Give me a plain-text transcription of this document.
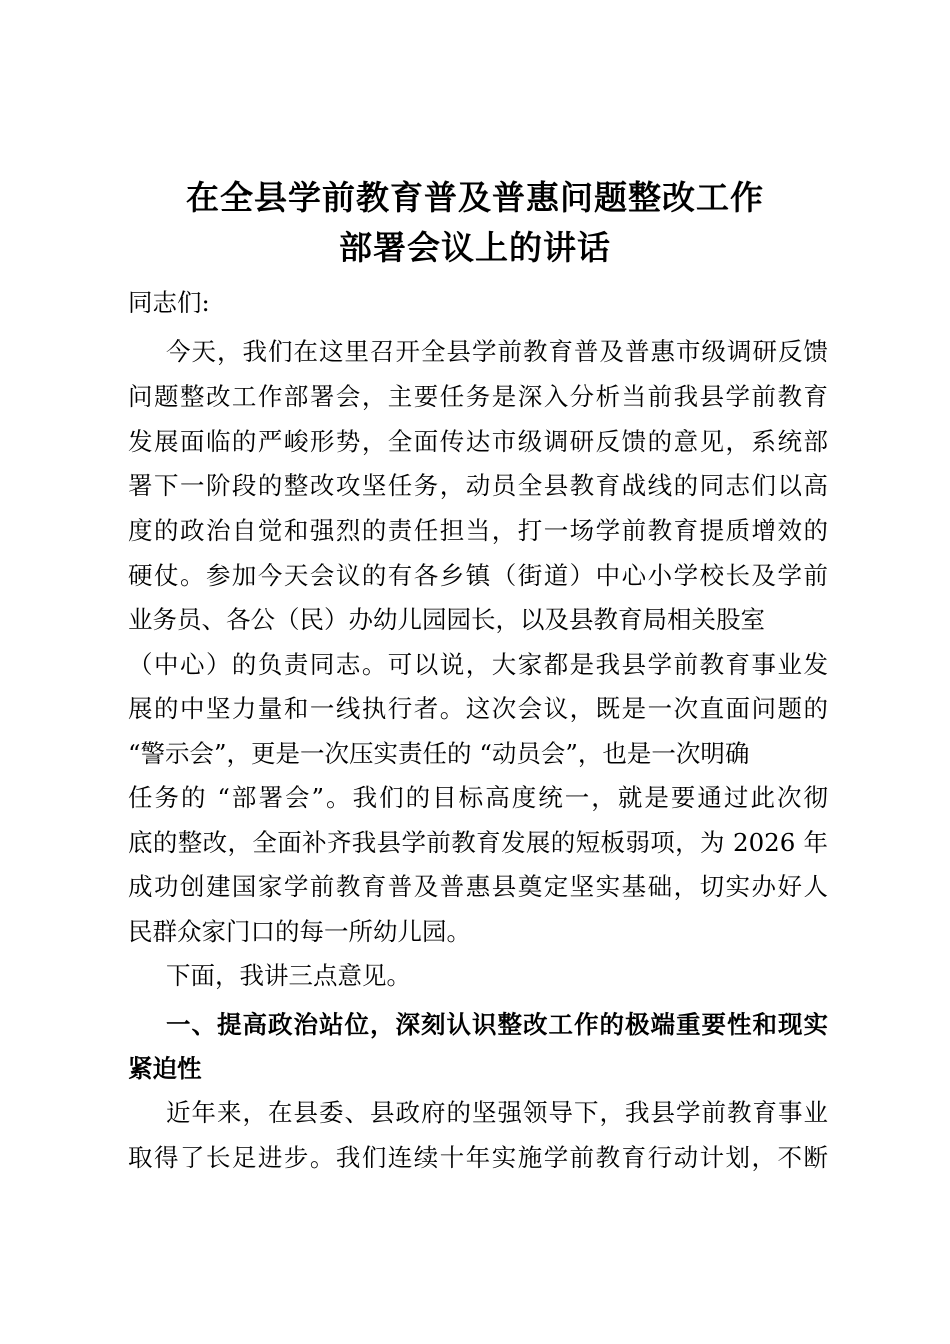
在全县学前教育普及普惠问题整改工作
部署会议上的讲话
同志们:
今天，我们在这里召开全县学前教育普及普惠市级调研反馈
问题整改工作部署会，主要任务是深入分析当前我县学前教育
发展面临的严峻形势，全面传达市级调研反馈的意见，系统部
署下一阶段的整改攻坚任务，动员全县教育战线的同志们以高
度的政治自觉和强烈的责任担当，打一场学前教育提质增效的
硬仗。参加今天会议的有各乡镇（街道）中心小学校长及学前
业务员、各公（民）办幼儿园园长，以及县教育局相关股室
（中心）的负责同志。可以说，大家都是我县学前教育事业发
展的中坚力量和一线执行者。这次会议，既是一次直面问题的
“警示会”，更是一次压实责任的 “动员会”，也是一次明确
任务的 “部署会”。我们的目标高度统一，就是要通过此次彻
底的整改，全面补齐我县学前教育发展的短板弱项，为 2026 年
成功创建国家学前教育普及普惠县奠定坚实基础，切实办好人
民群众家门口的每一所幼儿园。
下面，我讲三点意见。
一、提高政治站位，深刻认识整改工作的极端重要性和现实
紧迫性
近年来，在县委、县政府的坚强领导下，我县学前教育事业
取得了长足进步。我们连续十年实施学前教育行动计划，不断
